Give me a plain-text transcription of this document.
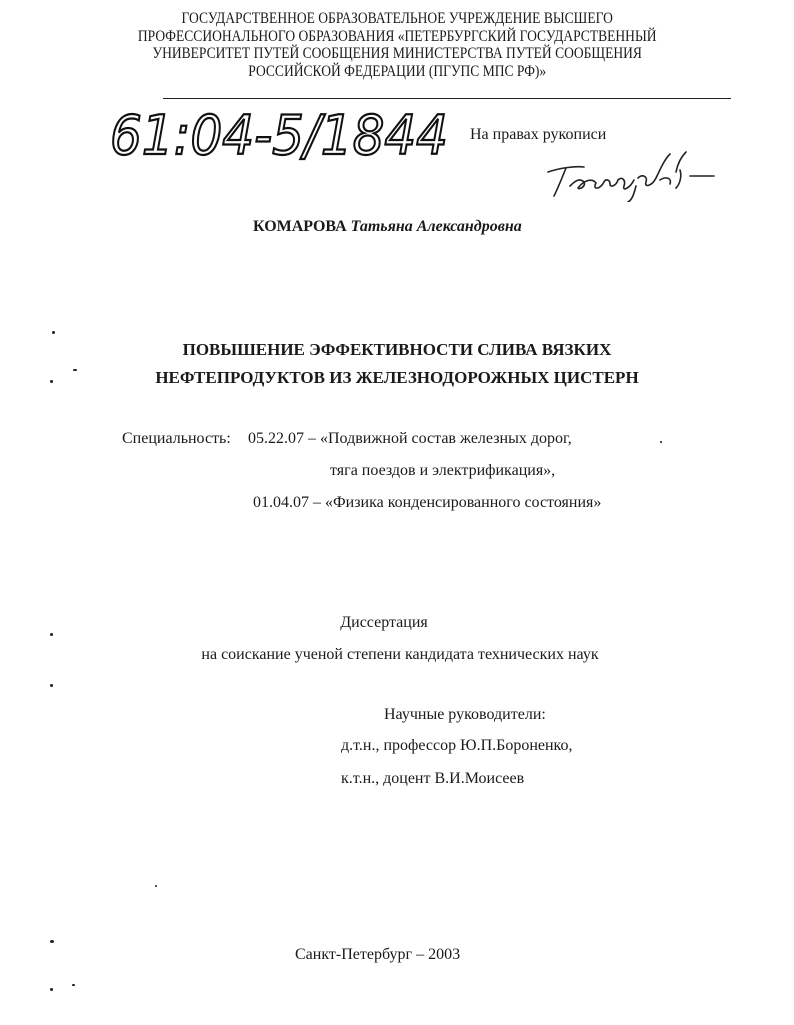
ГОСУДАРСТВЕННОЕ ОБРАЗОВАТЕЛЬНОЕ УЧРЕЖДЕНИЕ ВЫСШЕГО
ПРОФЕССИОНАЛЬНОГО ОБРАЗОВАНИЯ «ПЕТЕРБУРГСКИЙ ГОСУДАРСТВЕННЫЙ
УНИВЕРСИТЕТ ПУТЕЙ СООБЩЕНИЯ МИНИСТЕРСТВА ПУТЕЙ СООБЩЕНИЯ
РОССИЙСКОЙ ФЕДЕРАЦИИ (ПГУПС МПС РФ)»
61:04-5/1844 На правах рукописи
КОМАРОВА Татьяна Александровна
ПОВЫШЕНИЕ ЭФФЕКТИВНОСТИ СЛИВА ВЯЗКИХ
НЕФТЕПРОДУКТОВ ИЗ ЖЕЛЕЗНОДОРОЖНЫХ ЦИСТЕРН
Специальность: 05.22.07 – «Подвижной состав железных дорог,
тяга поездов и электрификация»,
01.04.07 – «Физика конденсированного состояния»
Диссертация
на соискание ученой степени кандидата технических наук
Научные руководители:
д.т.н., профессор Ю.П.Бороненко,
к.т.н., доцент В.И.Моисеев
Санкт-Петербург – 2003
